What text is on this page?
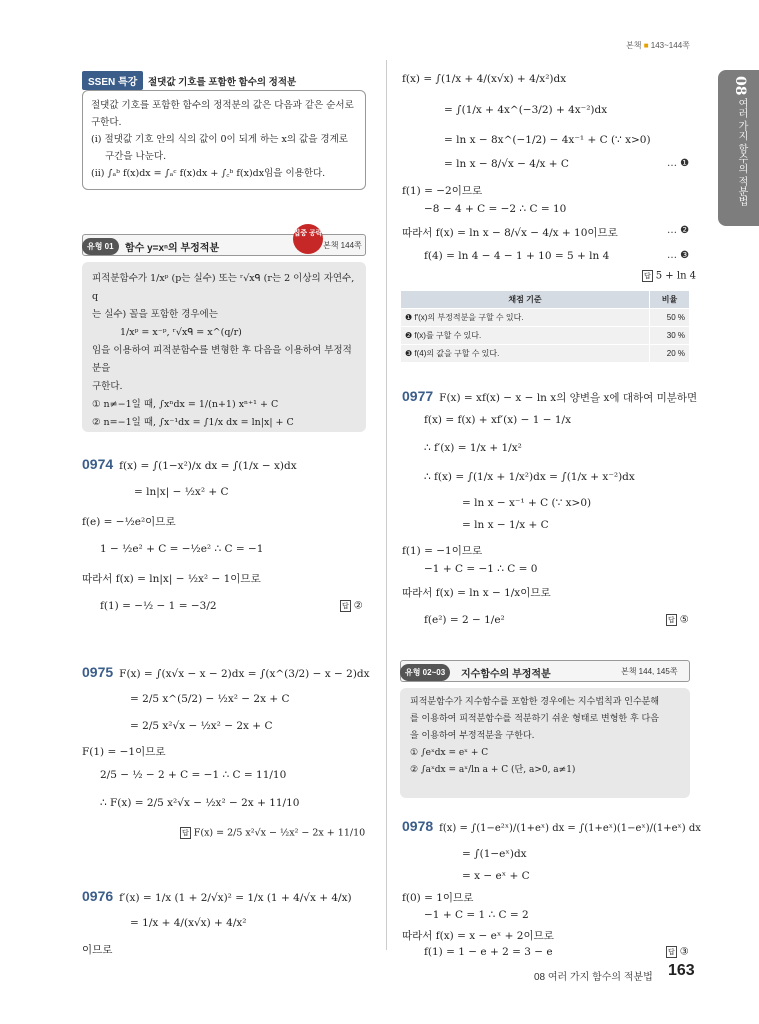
본책 ■ 143~144쪽
08
여러 가지 함수의 적분법
SSEN 특강	절댓값 기호를 포함한 함수의 정적분

절댓값 기호를 포함한 함수의 정적분의 값은 다음과 같은 순서로

구한다.

(i) 절댓값 기호 안의 식의 값이 0이 되게 하는 x의 값을 경계로

구간을 나눈다.

(ii) ∫ₐᵇ f(x)dx = ∫ₐᶜ f(x)dx + ∫꜀ᵇ f(x)dx임을 이용한다.

유형 01	함수 y=xⁿ의 부정적분	본책 144쪽
집중 공략

피적분함수가 1/xᵖ (p는 실수) 또는 ʳ√xᑫ (r는 2 이상의 자연수, q

는 실수) 꼴을 포함한 경우에는

1/xᵖ = x⁻ᵖ, ʳ√xᑫ = x^(q/r)

임을 이용하여 피적분함수를 변형한 후 다음을 이용하여 부정적분을

구한다.

① n≠−1일 때, ∫xⁿdx = 1/(n+1) xⁿ⁺¹ + C

② n=−1일 때, ∫x⁻¹dx = ∫1/x dx = ln|x| + C

0974 f(x) = ∫(1−x²)/x dx = ∫(1/x − x)dx
= ln|x| − ½x² + C
f(e) = −½e²이므로
1 − ½e² + C = −½e² ∴ C = −1
따라서 f(x) = ln|x| − ½x² − 1이므로
f(1) = −½ − 1 = −3/2	답 ②
0975 F(x) = ∫(x√x − x − 2)dx = ∫(x^(3/2) − x − 2)dx
= 2/5 x^(5/2) − ½x² − 2x + C
= 2/5 x²√x − ½x² − 2x + C
F(1) = −1이므로
2/5 − ½ − 2 + C = −1 ∴ C = 11/10
∴ F(x) = 2/5 x²√x − ½x² − 2x + 11/10
답 F(x) = 2/5 x²√x − ½x² − 2x + 11/10
0976 f′(x) = 1/x (1 + 2/√x)² = 1/x (1 + 4/√x + 4/x)
= 1/x + 4/(x√x) + 4/x²
이므로
f(x) = ∫(1/x + 4/(x√x) + 4/x²)dx
= ∫(1/x + 4x^(−3/2) + 4x⁻²)dx
= ln x − 8x^(−1/2) − 4x⁻¹ + C (∵ x>0)
= ln x − 8/√x − 4/x + C	… ❶
f(1) = −2이므로
−8 − 4 + C = −2 ∴ C = 10
따라서 f(x) = ln x − 8/√x − 4/x + 10이므로	… ❷
f(4) = ln 4 − 4 − 1 + 10 = 5 + ln 4	… ❸
답 5 + ln 4
채점 기준	비율
❶ f′(x)의 부정적분을 구할 수 있다.	50 %
❷ f(x)를 구할 수 있다.	30 %
❸ f(4)의 값을 구할 수 있다.	20 %
0977 F(x) = xf(x) − x − ln x의 양변을 x에 대하여 미분하면
f(x) = f(x) + xf′(x) − 1 − 1/x
∴ f′(x) = 1/x + 1/x²
∴ f(x) = ∫(1/x + 1/x²)dx = ∫(1/x + x⁻²)dx
= ln x − x⁻¹ + C (∵ x>0)
= ln x − 1/x + C
f(1) = −1이므로
−1 + C = −1 ∴ C = 0
따라서 f(x) = ln x − 1/x이므로
f(e²) = 2 − 1/e²	답 ⑤
유형 02~03	지수함수의 부정적분	본책 144, 145쪽

피적분함수가 지수함수를 포함한 경우에는 지수법칙과 인수분해

를 이용하여 피적분함수를 적분하기 쉬운 형태로 변형한 후 다음

을 이용하여 부정적분을 구한다.

① ∫eˣdx = eˣ + C

② ∫aˣdx = aˣ/ln a + C (단, a>0, a≠1)

0978 f(x) = ∫(1−e²ˣ)/(1+eˣ) dx = ∫(1+eˣ)(1−eˣ)/(1+eˣ) dx
= ∫(1−eˣ)dx
= x − eˣ + C
f(0) = 1이므로
−1 + C = 1 ∴ C = 2
따라서 f(x) = x − eˣ + 2이므로
f(1) = 1 − e + 2 = 3 − e	답 ③
08 여러 가지 함수의 적분법 163
